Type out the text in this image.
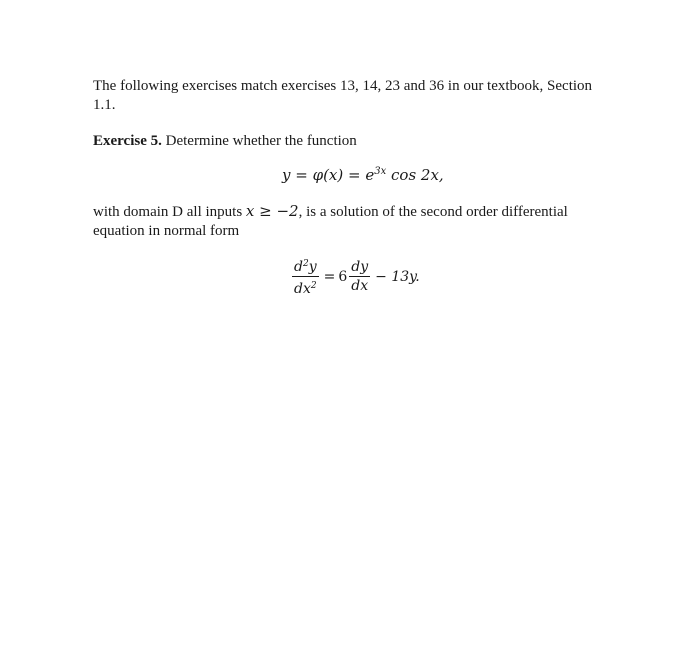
The following exercises match exercises 13, 14, 23 and 36 in our textbook, Section 1.1.
Exercise 5. Determine whether the function
$y = \varphi(x) = e^{3x}$ cos 2x,
with domain D all inputs x ≥ −2, is a solution of the second order differential equation in normal form
$\frac{d^2y}{dx^2} = 6 \frac{dy}{dx} - 13y$.
